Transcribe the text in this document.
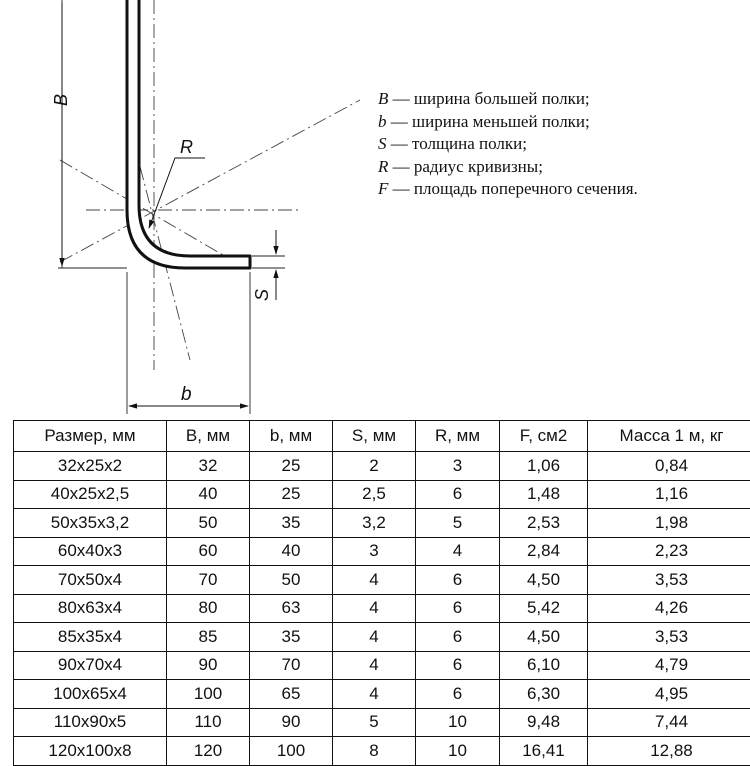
B
R
b
S
B — ширина большей полки;
b — ширина меньшей полки;
S — толщина полки;
R — радиус кривизны;
F — площадь поперечного сечения.
Размер, мм	B, мм	b, мм	S, мм	R, мм	F, см2	Масса 1 м, кг
32x25x2	32	25	2	3	1,06	0,84
40x25x2,5	40	25	2,5	6	1,48	1,16
50x35x3,2	50	35	3,2	5	2,53	1,98
60x40x3	60	40	3	4	2,84	2,23
70x50x4	70	50	4	6	4,50	3,53
80x63x4	80	63	4	6	5,42	4,26
85x35x4	85	35	4	6	4,50	3,53
90x70x4	90	70	4	6	6,10	4,79
100x65x4	100	65	4	6	6,30	4,95
110x90x5	110	90	5	10	9,48	7,44
120x100x8	120	100	8	10	16,41	12,88
